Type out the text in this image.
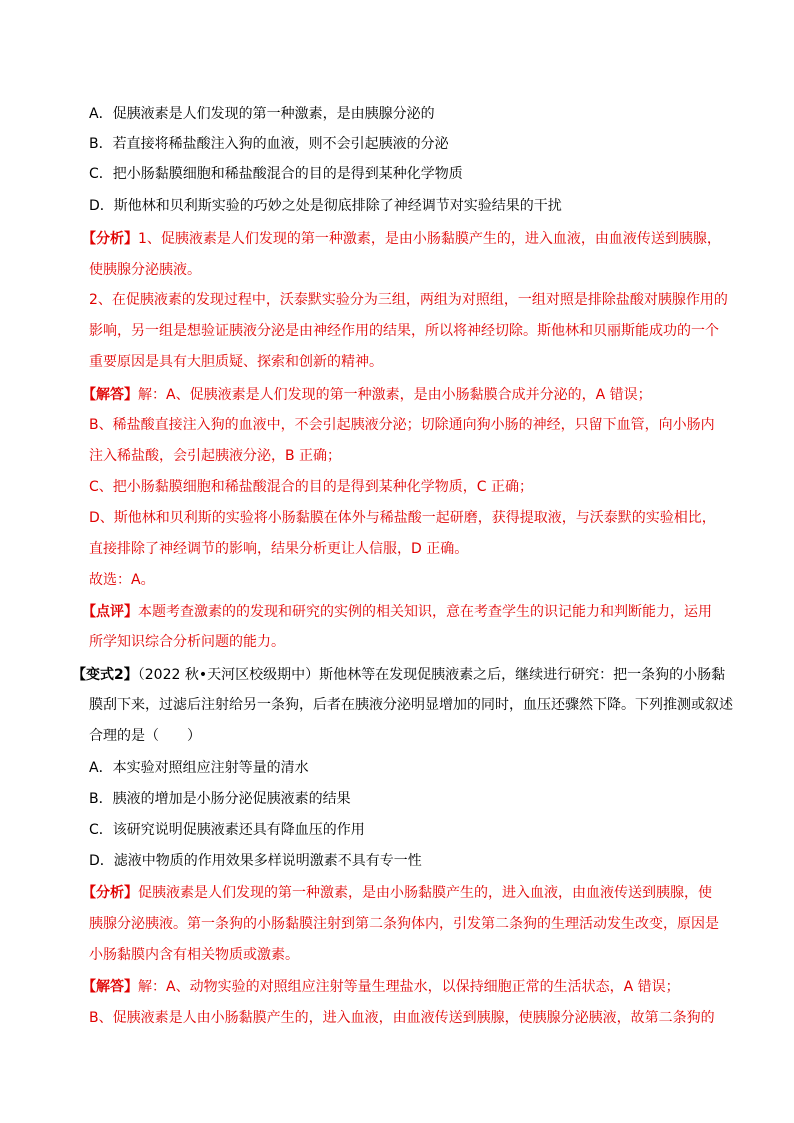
A．促胰液素是人们发现的第一种激素，是由胰腺分泌的
B．若直接将稀盐酸注入狗的血液，则不会引起胰液的分泌
C．把小肠黏膜细胞和稀盐酸混合的目的是得到某种化学物质
D．斯他林和贝利斯实验的巧妙之处是彻底排除了神经调节对实验结果的干扰
【分析】1、促胰液素是人们发现的第一种激素，是由小肠黏膜产生的，进入血液，由血液传送到胰腺，
使胰腺分泌胰液。
2、在促胰液素的发现过程中，沃泰默实验分为三组，两组为对照组，一组对照是排除盐酸对胰腺作用的
影响，另一组是想验证胰液分泌是由神经作用的结果，所以将神经切除。斯他林和贝丽斯能成功的一个
重要原因是具有大胆质疑、探索和创新的精神。
【解答】解：A、促胰液素是人们发现的第一种激素，是由小肠黏膜合成并分泌的，A 错误；
B、稀盐酸直接注入狗的血液中，不会引起胰液分泌；切除通向狗小肠的神经，只留下血管，向小肠内
注入稀盐酸，会引起胰液分泌，B 正确；
C、把小肠黏膜细胞和稀盐酸混合的目的是得到某种化学物质，C 正确；
D、斯他林和贝利斯的实验将小肠黏膜在体外与稀盐酸一起研磨，获得提取液，与沃泰默的实验相比，
直接排除了神经调节的影响，结果分析更让人信服，D 正确。
故选：A。
【点评】本题考查激素的的发现和研究的实例的相关知识，意在考查学生的识记能力和判断能力，运用
所学知识综合分析问题的能力。
【变式2】（2022 秋•天河区校级期中）斯他林等在发现促胰液素之后，继续进行研究：把一条狗的小肠黏
膜刮下来，过滤后注射给另一条狗，后者在胰液分泌明显增加的同时，血压还骤然下降。下列推测或叙述
合理的是（　　）
A．本实验对照组应注射等量的清水
B．胰液的增加是小肠分泌促胰液素的结果
C．该研究说明促胰液素还具有降血压的作用
D．滤液中物质的作用效果多样说明激素不具有专一性
【分析】促胰液素是人们发现的第一种激素，是由小肠黏膜产生的，进入血液，由血液传送到胰腺，使
胰腺分泌胰液。第一条狗的小肠黏膜注射到第二条狗体内，引发第二条狗的生理活动发生改变，原因是
小肠黏膜内含有相关物质或激素。
【解答】解：A、动物实验的对照组应注射等量生理盐水，以保持细胞正常的生活状态，A 错误；
B、促胰液素是人由小肠黏膜产生的，进入血液，由血液传送到胰腺，使胰腺分泌胰液，故第二条狗的
